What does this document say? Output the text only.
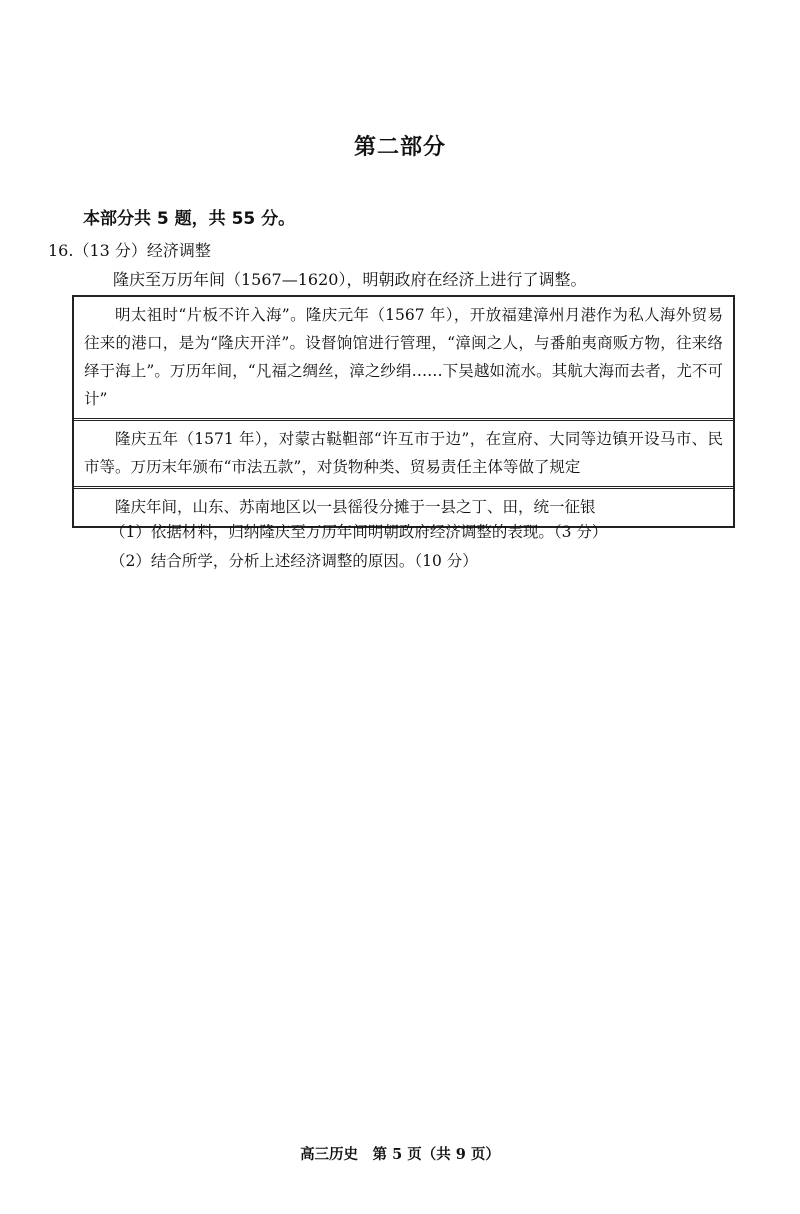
第二部分
本部分共 5 题，共 55 分。
16.（13 分）经济调整
隆庆至万历年间（1567—1620），明朝政府在经济上进行了调整。
明太祖时“片板不许入海”。隆庆元年（1567 年），开放福建漳州月港作为私人海外贸易往来的港口，是为“隆庆开洋”。设督饷馆进行管理，“漳闽之人，与番舶夷商贩方物，往来络绎于海上”。万历年间，“凡福之绸丝，漳之纱绢……下吴越如流水。其航大海而去者，尤不可计”
隆庆五年（1571 年），对蒙古鞑靼部“许互市于边”，在宣府、大同等边镇开设马市、民市等。万历末年颁布“市法五款”，对货物种类、贸易责任主体等做了规定
隆庆年间，山东、苏南地区以一县徭役分摊于一县之丁、田，统一征银
（1）依据材料，归纳隆庆至万历年间明朝政府经济调整的表现。（3 分）
（2）结合所学，分析上述经济调整的原因。（10 分）
高三历史　第 5 页（共 9 页）
